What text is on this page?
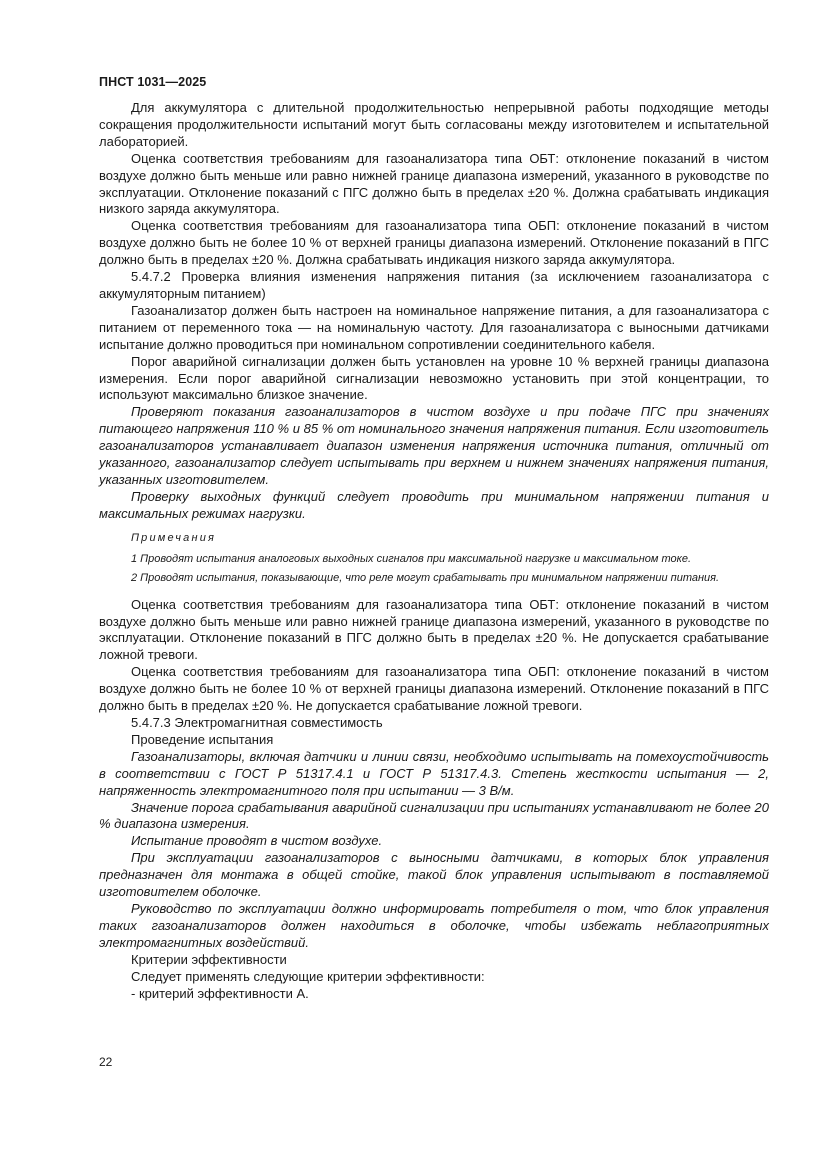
ПНСТ 1031—2025

Для аккумулятора с длительной продолжительностью непрерывной работы подходящие методы сокращения продолжительности испытаний могут быть согласованы между изготовителем и испытательной лабораторией.

Оценка соответствия требованиям для газоанализатора типа ОБТ: отклонение показаний в чистом воздухе должно быть меньше или равно нижней границе диапазона измерений, указанного в руководстве по эксплуатации. Отклонение показаний с ПГС должно быть в пределах ±20 %. Должна срабатывать индикация низкого заряда аккумулятора.

Оценка соответствия требованиям для газоанализатора типа ОБП: отклонение показаний в чистом воздухе должно быть не более 10 % от верхней границы диапазона измерений. Отклонение показаний в ПГС должно быть в пределах ±20 %. Должна срабатывать индикация низкого заряда аккумулятора.

5.4.7.2 Проверка влияния изменения напряжения питания (за исключением газоанализатора с аккумуляторным питанием)

Газоанализатор должен быть настроен на номинальное напряжение питания, а для газоанализатора с питанием от переменного тока — на номинальную частоту. Для газоанализатора с выносными датчиками испытание должно проводиться при номинальном сопротивлении соединительного кабеля.

Порог аварийной сигнализации должен быть установлен на уровне 10 % верхней границы диапазона измерения. Если порог аварийной сигнализации невозможно установить при этой концентрации, то используют максимально близкое значение.

Проверяют показания газоанализаторов в чистом воздухе и при подаче ПГС при значениях питающего напряжения 110 % и 85 % от номинального значения напряжения питания. Если изготовитель газоанализаторов устанавливает диапазон изменения напряжения источника питания, отличный от указанного, газоанализатор следует испытывать при верхнем и нижнем значениях напряжения питания, указанных изготовителем.

Проверку выходных функций следует проводить при минимальном напряжении питания и максимальных режимах нагрузки.

Примечания

1 Проводят испытания аналоговых выходных сигналов при максимальной нагрузке и максимальном токе.

2 Проводят испытания, показывающие, что реле могут срабатывать при минимальном напряжении питания.

Оценка соответствия требованиям для газоанализатора типа ОБТ: отклонение показаний в чистом воздухе должно быть меньше или равно нижней границе диапазона измерений, указанного в руководстве по эксплуатации. Отклонение показаний в ПГС должно быть в пределах ±20 %. Не допускается срабатывание ложной тревоги.

Оценка соответствия требованиям для газоанализатора типа ОБП: отклонение показаний в чистом воздухе должно быть не более 10 % от верхней границы диапазона измерений. Отклонение показаний в ПГС должно быть в пределах ±20 %. Не допускается срабатывание ложной тревоги.

5.4.7.3 Электромагнитная совместимость

Проведение испытания

Газоанализаторы, включая датчики и линии связи, необходимо испытывать на помехоустойчивость в соответствии с ГОСТ Р 51317.4.1 и ГОСТ Р 51317.4.3. Степень жесткости испытания — 2, напряженность электромагнитного поля при испытании — 3 В/м.

Значение порога срабатывания аварийной сигнализации при испытаниях устанавливают не более 20 % диапазона измерения.

Испытание проводят в чистом воздухе.

При эксплуатации газоанализаторов с выносными датчиками, в которых блок управления предназначен для монтажа в общей стойке, такой блок управления испытывают в поставляемой изготовителем оболочке.

Руководство по эксплуатации должно информировать потребителя о том, что блок управления таких газоанализаторов должен находиться в оболочке, чтобы избежать неблагоприятных электромагнитных воздействий.

Критерии эффективности

Следует применять следующие критерии эффективности:

- критерий эффективности А.

22
